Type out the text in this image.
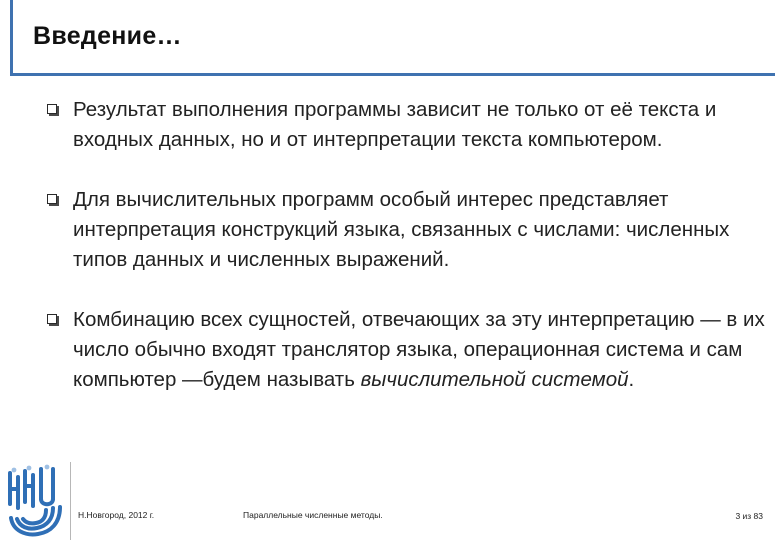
Введение…
Результат выполнения программы зависит не только от её текста и входных данных, но и от интерпретации текста компьютером.
Для вычислительных программ особый интерес представляет интерпретация конструкций языка, связанных с числами: численных типов данных и численных выражений.
Комбинацию всех сущностей, отвечающих за эту интерпретацию — в их число обычно входят транслятор языка, операционная система и сам компьютер —будем называть вычислительной системой.
Н.Новгород, 2012 г.	Параллельные численные методы.	3 из 83
